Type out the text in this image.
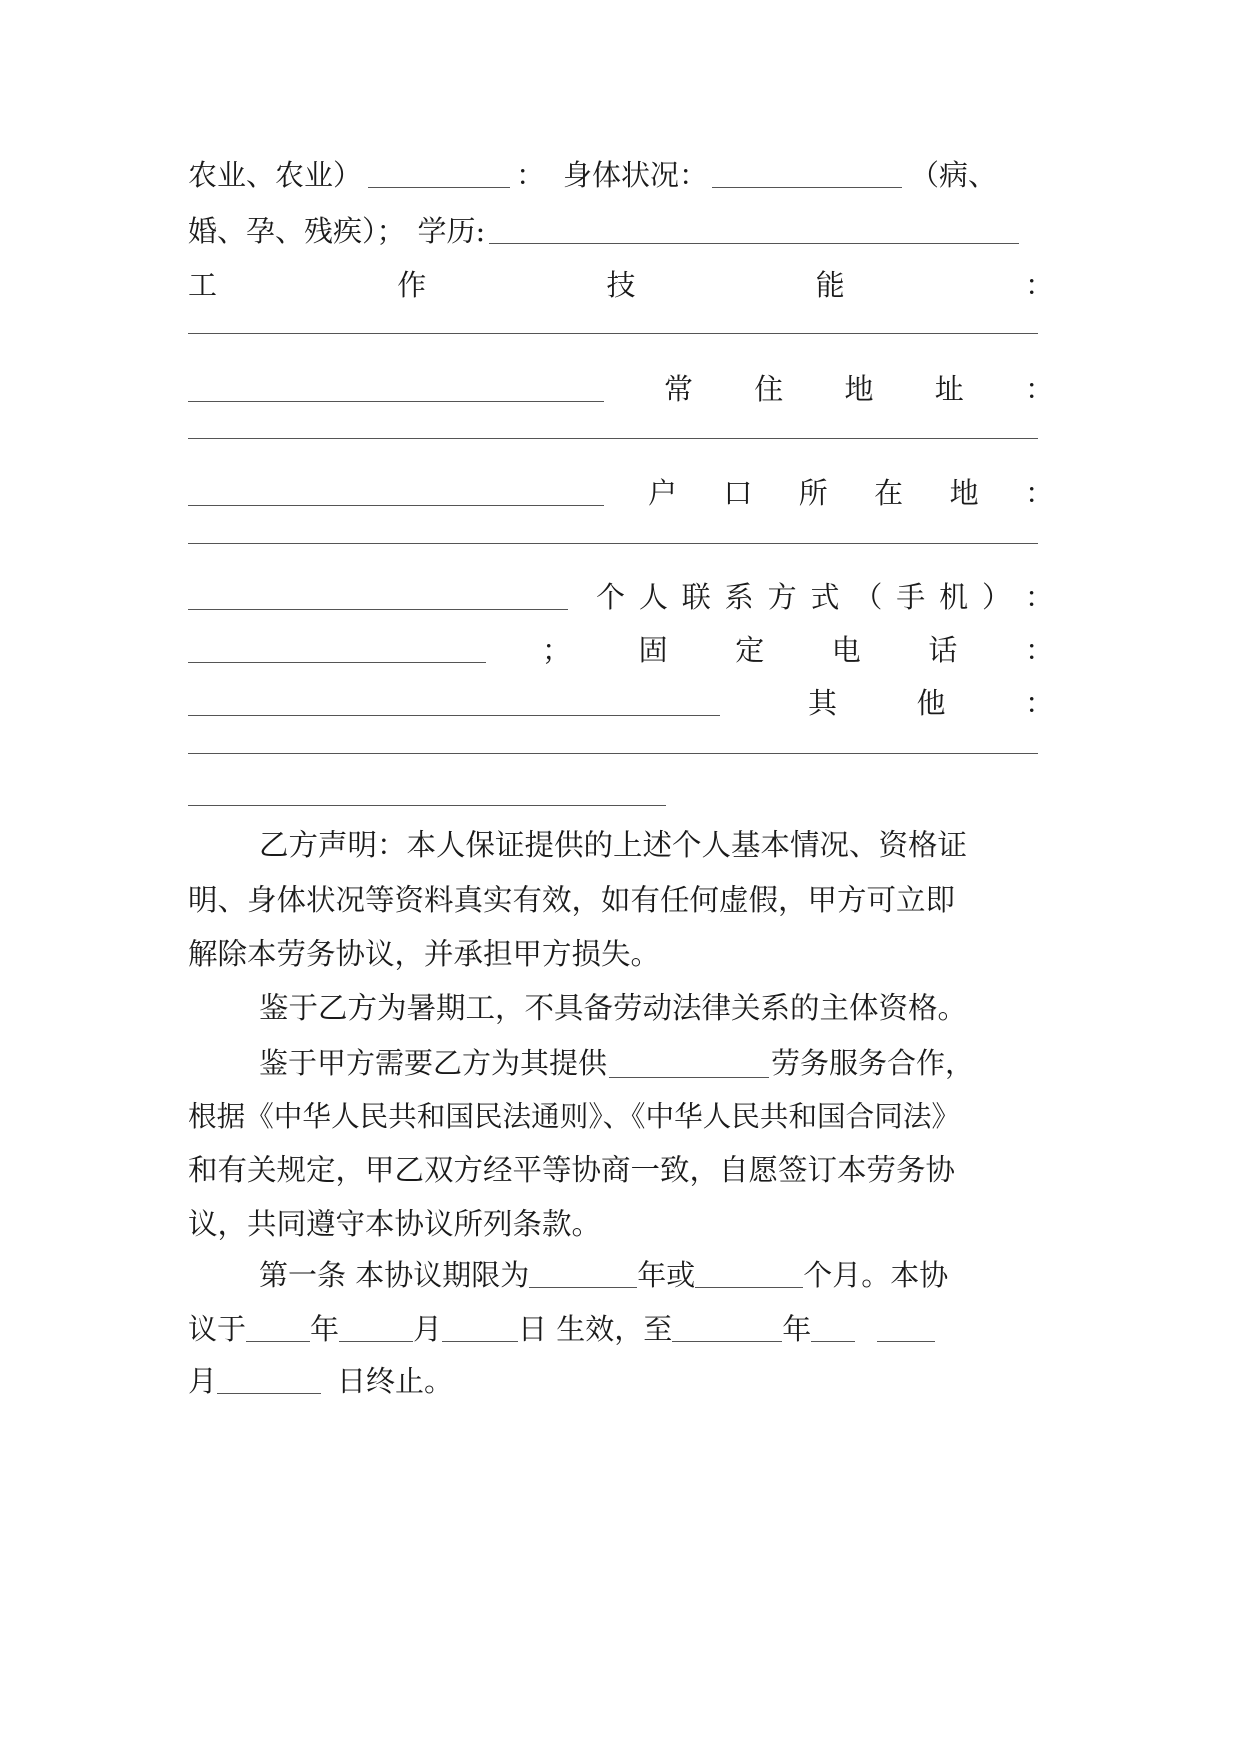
农业、农业）	： 身体状况：	（病、
婚、孕、残疾）； 学历:
工	作	技	能	：
常 住 地 址 ：
户 口 所 在 地 ：
个 人 联 系 方 式 （ 手 机 ） ：
； 固 定 电 话 ：
其	他	：
乙方声明：本人保证提供的上述个人基本情况、资格证
明、身体状况等资料真实有效，如有任何虚假，甲方可立即
解除本劳务协议，并承担甲方损失。
鉴于乙方为暑期工，不具备劳动法律关系的主体资格。
鉴于甲方需要乙方为其提供	劳务服务合作，
根据《中华人民共和国民法通则》、《中华人民共和国合同法》
和有关规定，甲乙双方经平等协商一致，自愿签订本劳务协
议，共同遵守本协议所列条款。
第一条 本协议期限为	年或	个月。本协
议于 年	月	日 生效，至	年
月	日终止。
